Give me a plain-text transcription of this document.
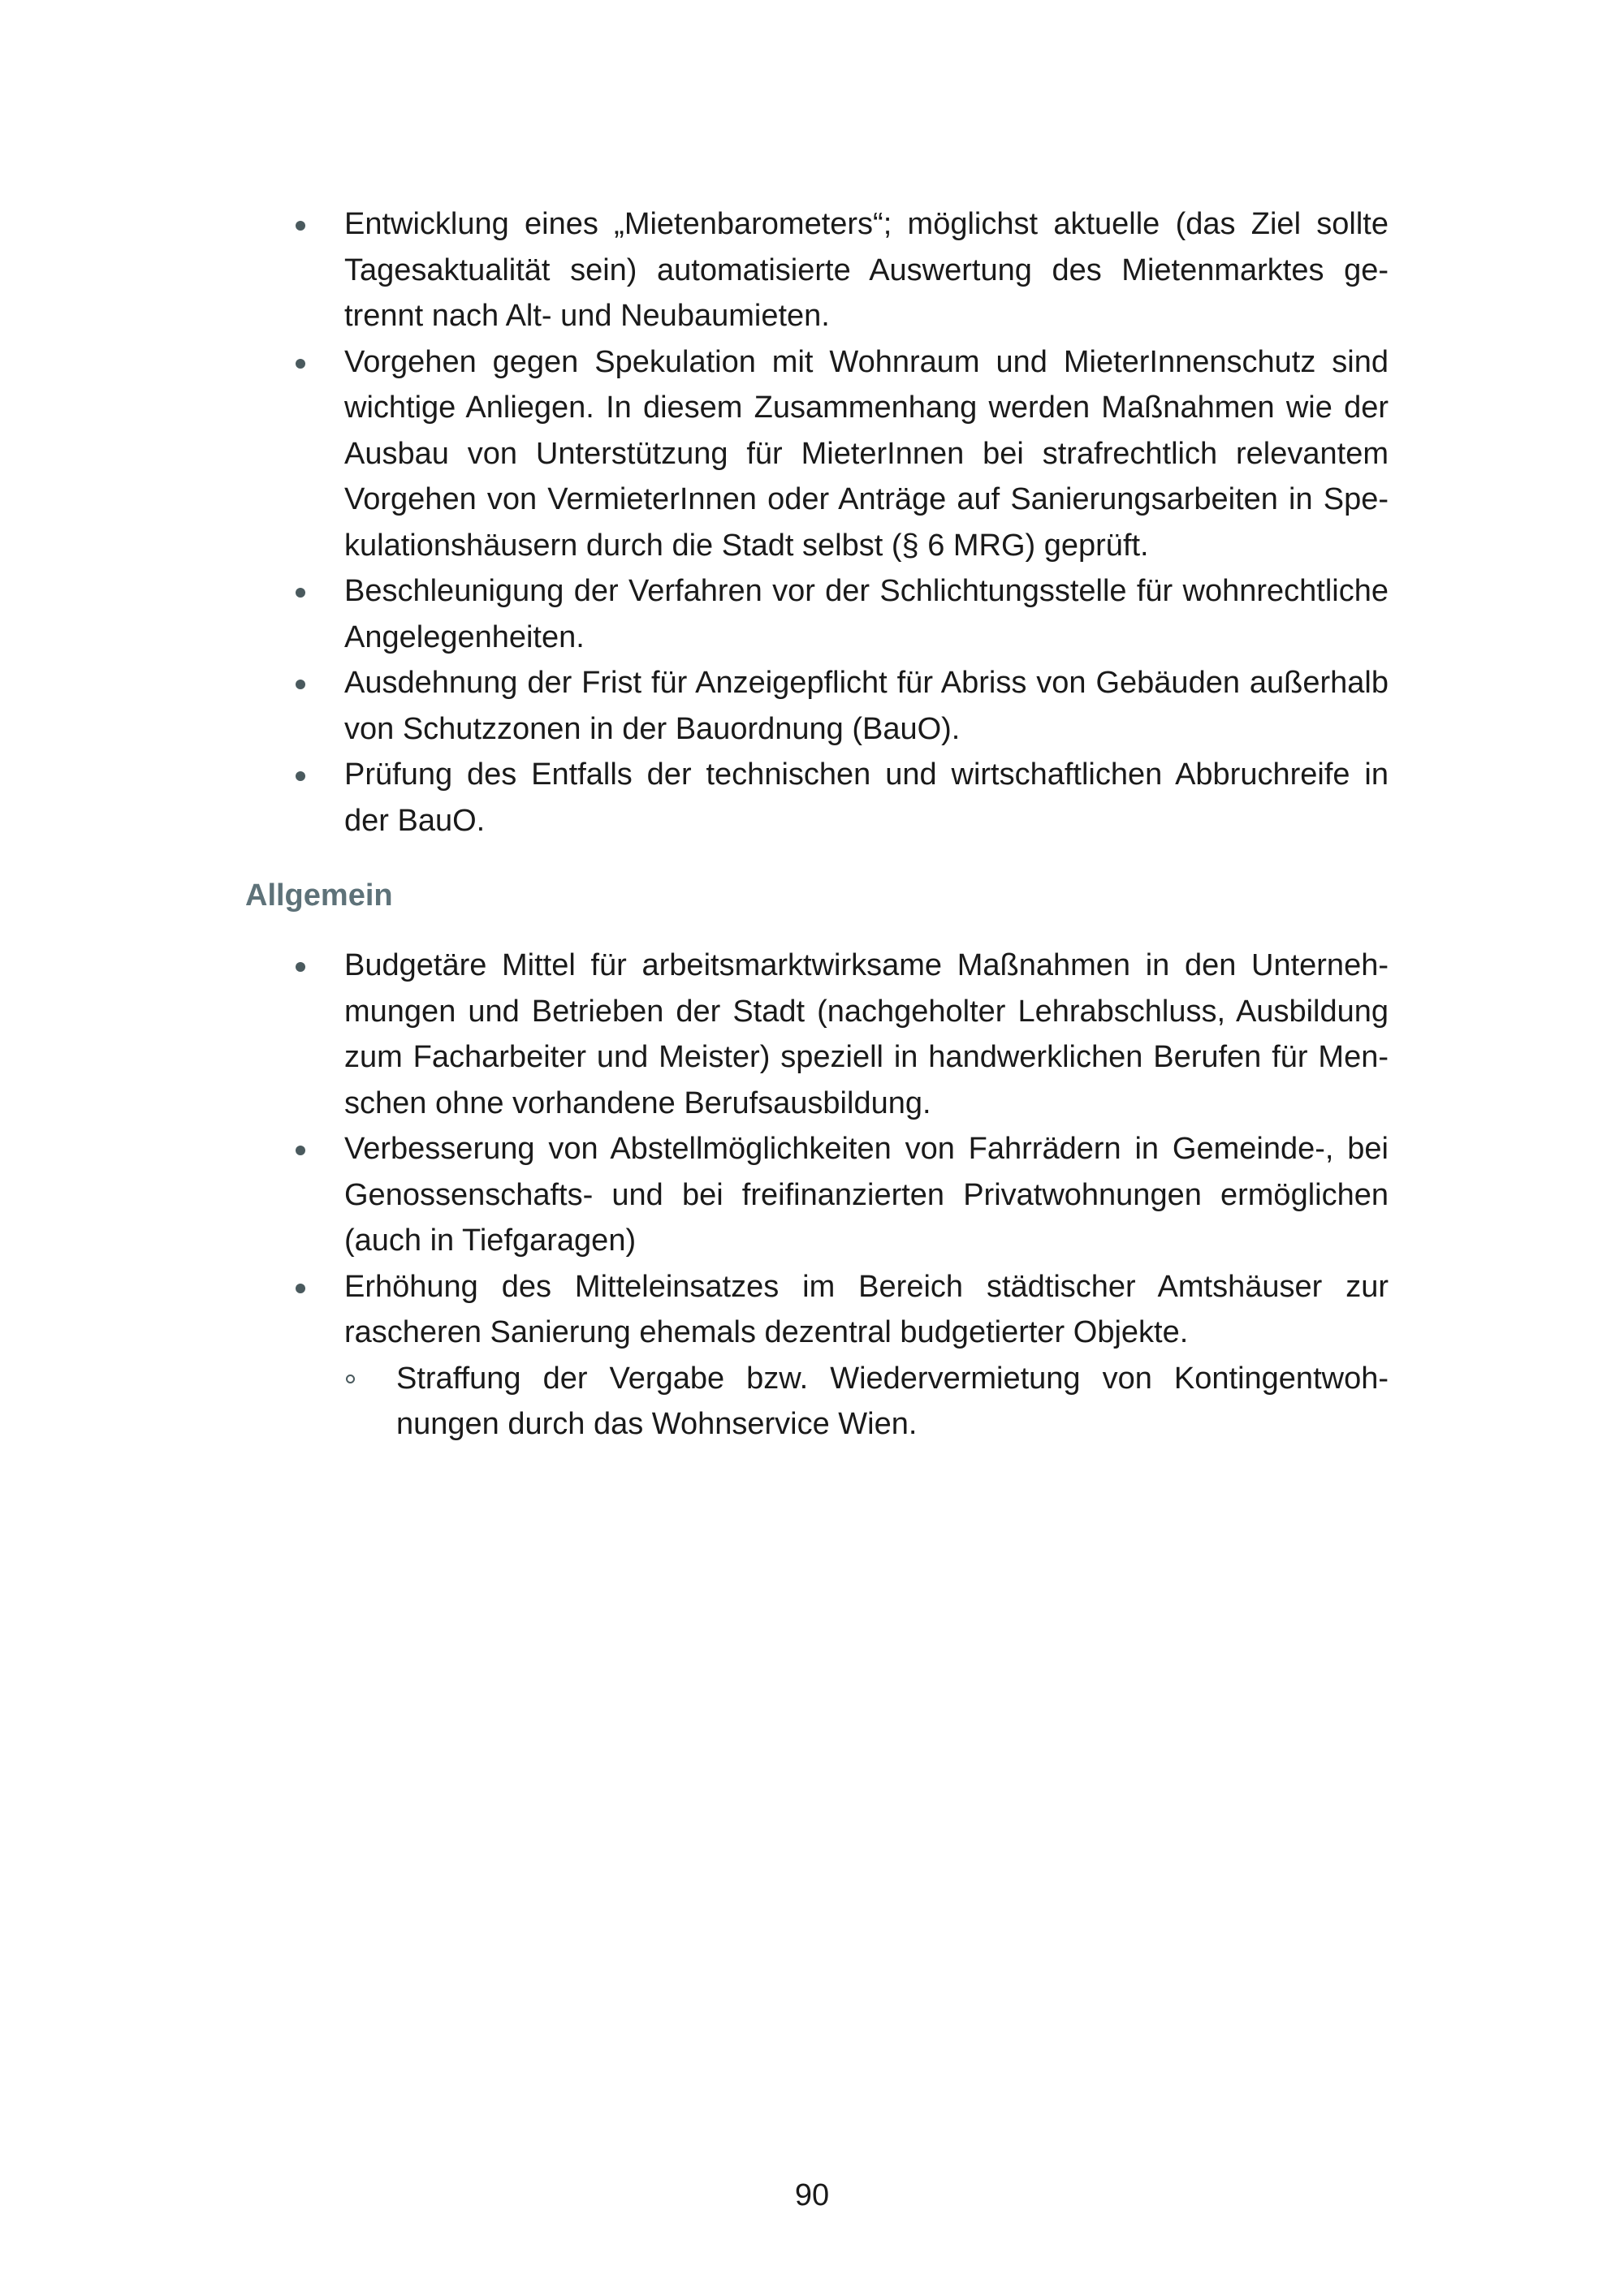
Entwicklung eines „Mietenbarometers“; möglichst aktuelle (das Ziel sollte Tagesaktualität sein) automatisierte Auswertung des Mietenmarktes getrennt nach Alt- und Neubaumieten.
Vorgehen gegen Spekulation mit Wohnraum und MieterInnenschutz sind wichtige Anliegen. In diesem Zusammenhang werden Maßnahmen wie der Ausbau von Unterstützung für MieterInnen bei strafrechtlich relevantem Vorgehen von VermieterInnen oder Anträge auf Sanierungsarbeiten in Spekulationshäusern durch die Stadt selbst (§ 6 MRG) geprüft.
Beschleunigung der Verfahren vor der Schlichtungsstelle für wohnrechtliche Angelegenheiten.
Ausdehnung der Frist für Anzeigepflicht für Abriss von Gebäuden außerhalb von Schutzzonen in der Bauordnung (BauO).
Prüfung des Entfalls der technischen und wirtschaftlichen Abbruchreife in der BauO.
Allgemein
Budgetäre Mittel für arbeitsmarktwirksame Maßnahmen in den Unternehmungen und Betrieben der Stadt (nachgeholter Lehrabschluss, Ausbildung zum Facharbeiter und Meister) speziell in handwerklichen Berufen für Menschen ohne vorhandene Berufsausbildung.
Verbesserung von Abstellmöglichkeiten von Fahrrädern in Gemeinde-, bei Genossenschafts- und bei freifinanzierten Privatwohnungen ermöglichen (auch in Tiefgaragen)
Erhöhung des Mitteleinsatzes im Bereich städtischer Amtshäuser zur rascheren Sanierung ehemals dezentral budgetierter Objekte.
Straffung der Vergabe bzw. Wiedervermietung von Kontingentwohnungen durch das Wohnservice Wien.
90
